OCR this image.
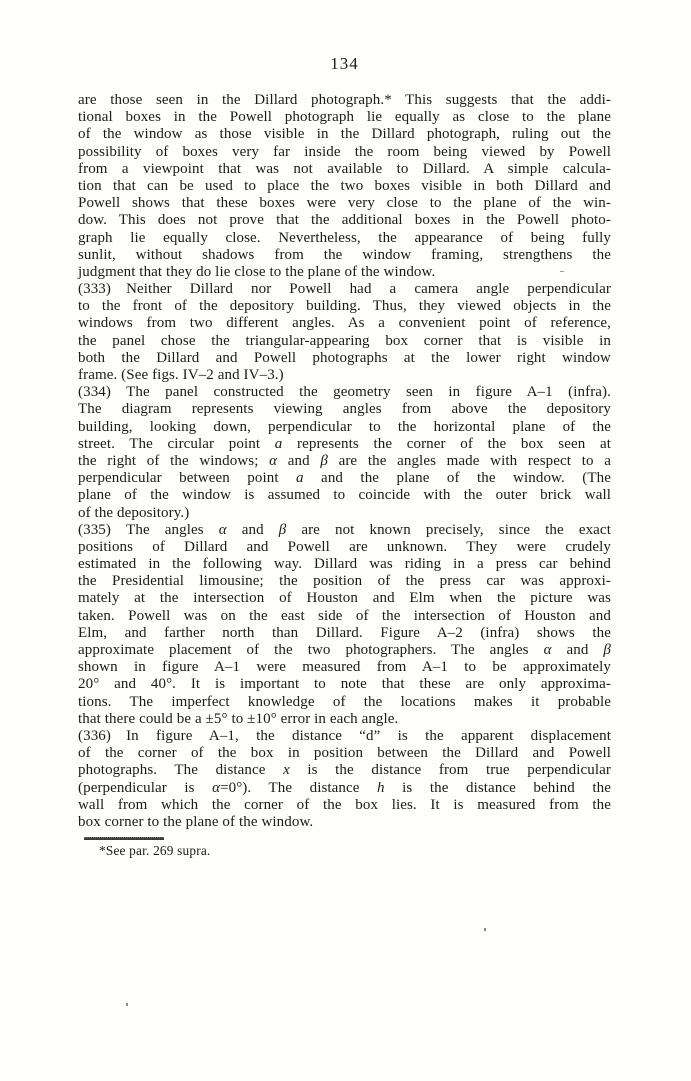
134
are those seen in the Dillard photograph.* This suggests that the addi-
tional boxes in the Powell photograph lie equally as close to the plane
of the window as those visible in the Dillard photograph, ruling out the
possibility of boxes very far inside the room being viewed by Powell
from a viewpoint that was not available to Dillard. A simple calcula-
tion that can be used to place the two boxes visible in both Dillard and
Powell shows that these boxes were very close to the plane of the win-
dow. This does not prove that the additional boxes in the Powell photo-
graph lie equally close. Nevertheless, the appearance of being fully
sunlit, without shadows from the window framing, strengthens the
judgment that they do lie close to the plane of the window.
(333) Neither Dillard nor Powell had a camera angle perpendicular
to the front of the depository building. Thus, they viewed objects in the
windows from two different angles. As a convenient point of reference,
the panel chose the triangular-appearing box corner that is visible in
both the Dillard and Powell photographs at the lower right window
frame. (See figs. IV–2 and IV–3.)
(334) The panel constructed the geometry seen in figure A–1 (infra).
The diagram represents viewing angles from above the depository
building, looking down, perpendicular to the horizontal plane of the
street. The circular point a represents the corner of the box seen at
the right of the windows; α and β are the angles made with respect to a
perpendicular between point a and the plane of the window. (The
plane of the window is assumed to coincide with the outer brick wall
of the depository.)
(335) The angles α and β are not known precisely, since the exact
positions of Dillard and Powell are unknown. They were crudely
estimated in the following way. Dillard was riding in a press car behind
the Presidential limousine; the position of the press car was approxi-
mately at the intersection of Houston and Elm when the picture was
taken. Powell was on the east side of the intersection of Houston and
Elm, and farther north than Dillard. Figure A–2 (infra) shows the
approximate placement of the two photographers. The angles α and β
shown in figure A–1 were measured from A–1 to be approximately
20° and 40°. It is important to note that these are only approxima-
tions. The imperfect knowledge of the locations makes it probable
that there could be a ±5° to ±10° error in each angle.
(336) In figure A–1, the distance “d” is the apparent displacement
of the corner of the box in position between the Dillard and Powell
photographs. The distance x is the distance from true perpendicular
(perpendicular is α=0°). The distance h is the distance behind the
wall from which the corner of the box lies. It is measured from the
box corner to the plane of the window.
*See par. 269 supra.
